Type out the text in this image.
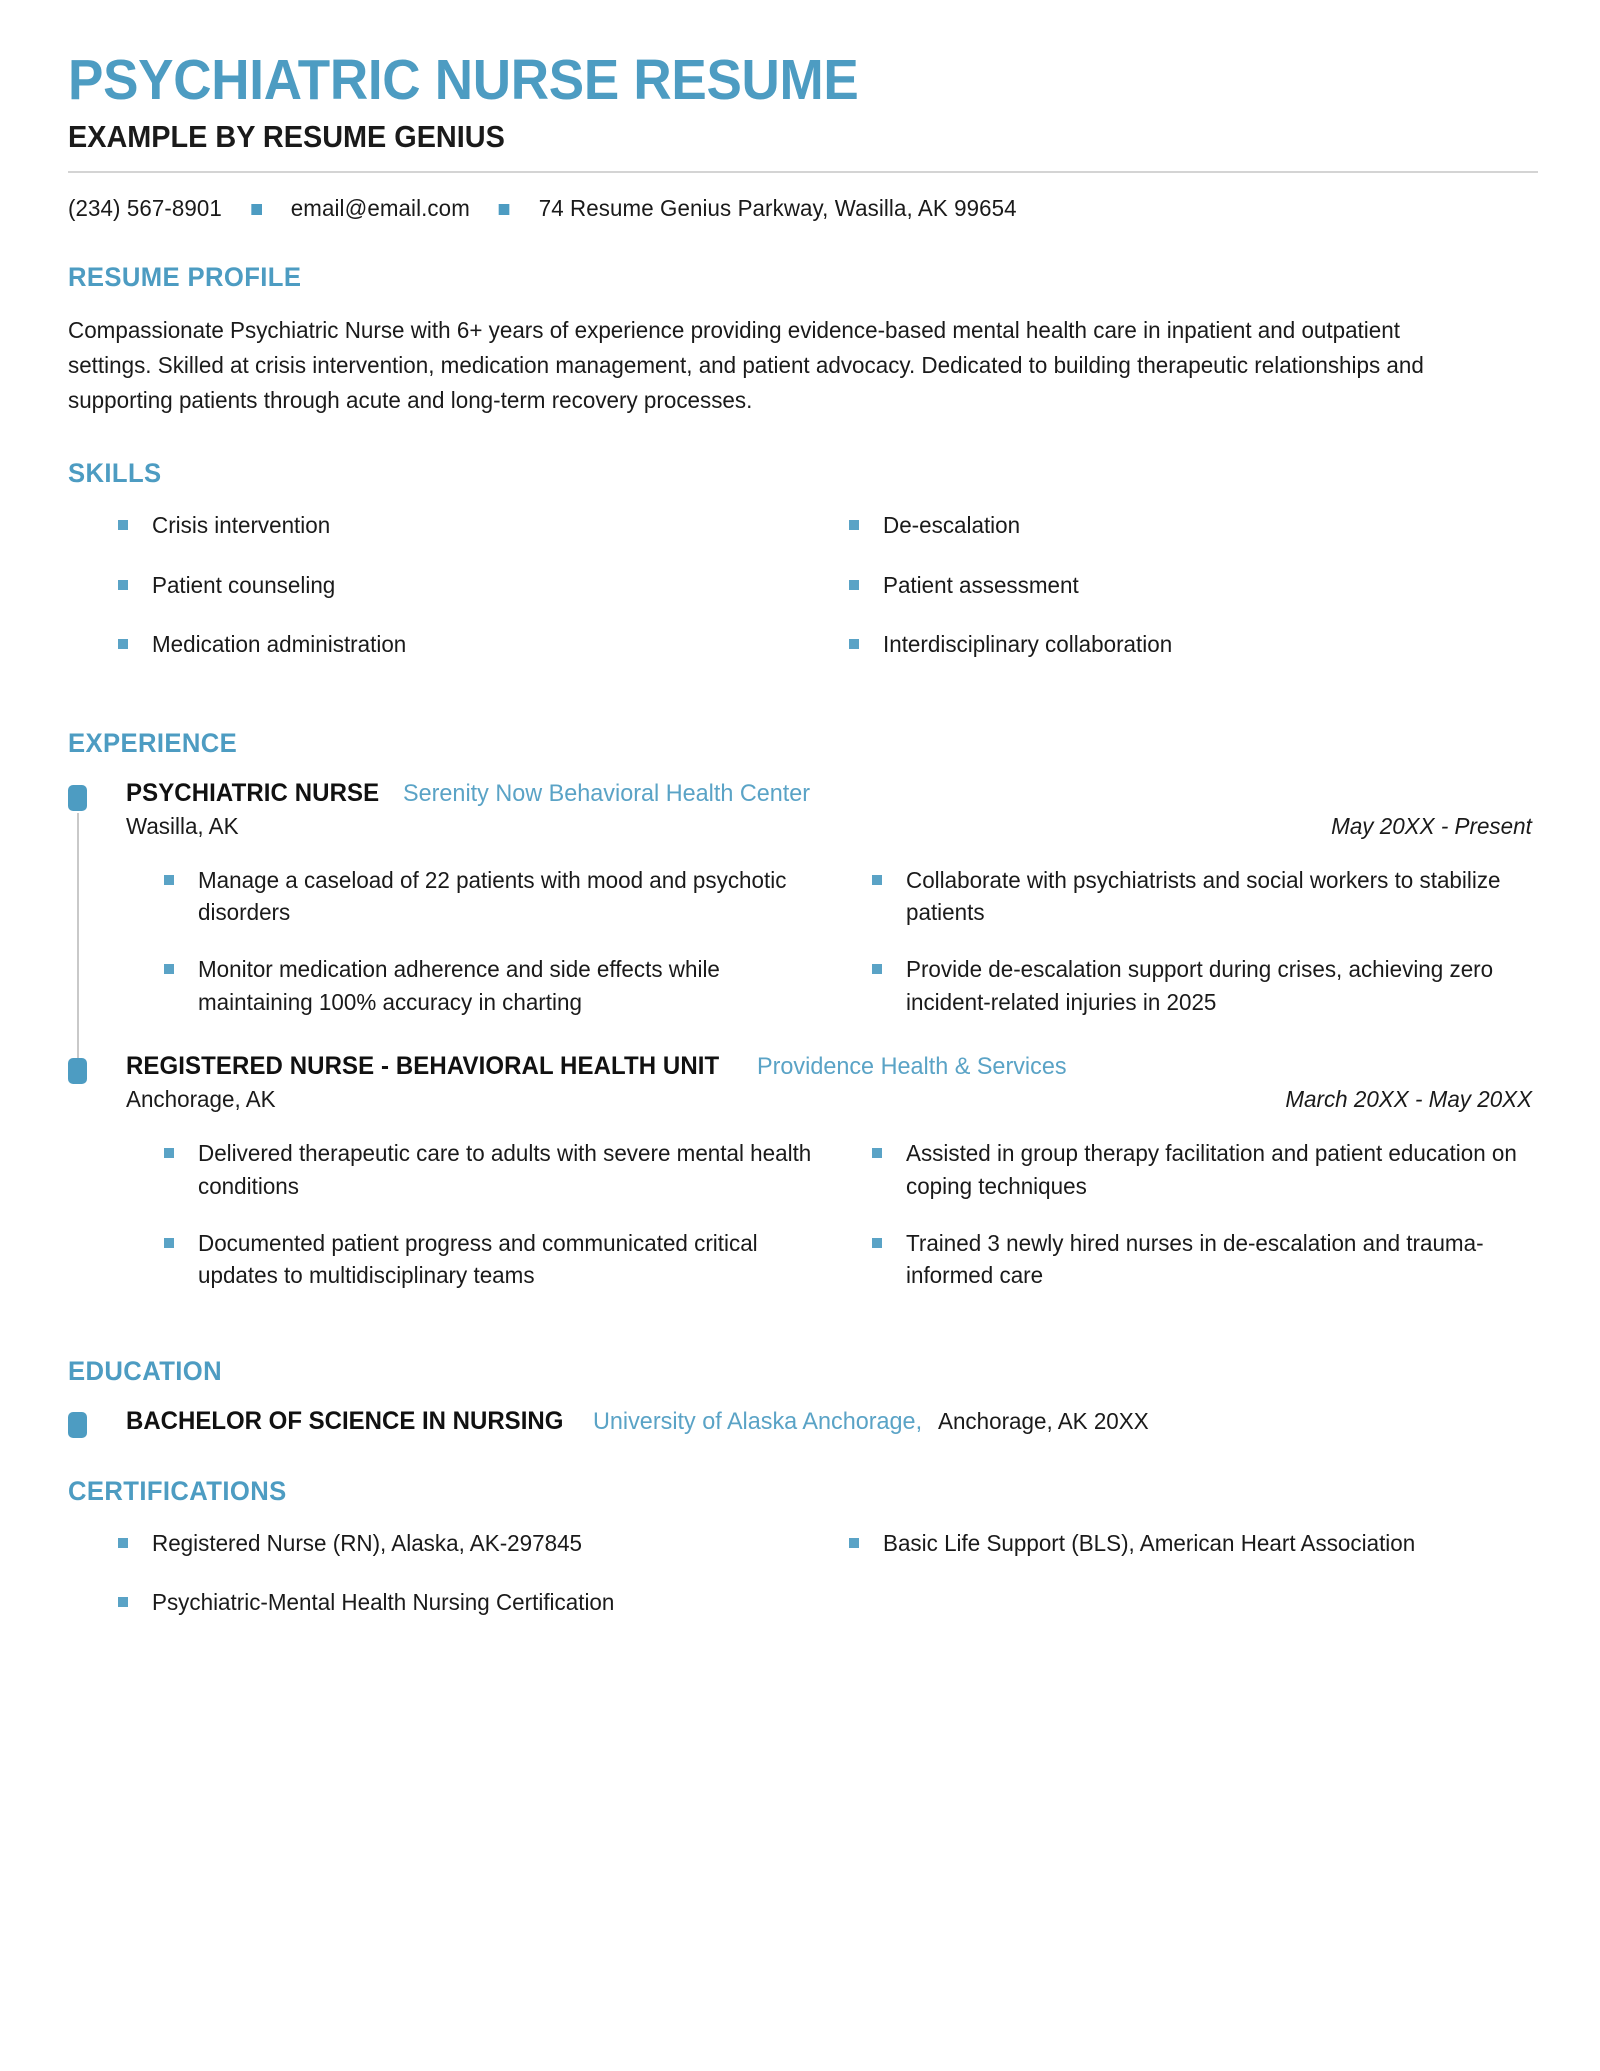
PSYCHIATRIC NURSE RESUME
EXAMPLE BY RESUME GENIUS
(234) 567-8901	email@email.com	74 Resume Genius Parkway, Wasilla, AK 99654
RESUME PROFILE
Compassionate Psychiatric Nurse with 6+ years of experience providing evidence-based mental health care in inpatient and outpatient settings. Skilled at crisis intervention, medication management, and patient advocacy. Dedicated to building therapeutic relationships and supporting patients through acute and long-term recovery processes.
SKILLS
Crisis intervention	De-escalation
Patient counseling	Patient assessment
Medication administration	Interdisciplinary collaboration
EXPERIENCE
PSYCHIATRIC NURSE Serenity Now Behavioral Health Center
Wasilla, AK	May 20XX - Present
Manage a caseload of 22 patients with mood and psychotic disorders
Collaborate with psychiatrists and social workers to stabilize patients
Monitor medication adherence and side effects while maintaining 100% accuracy in charting
Provide de-escalation support during crises, achieving zero incident-related injuries in 2025
REGISTERED NURSE - BEHAVIORAL HEALTH UNIT Providence Health & Services
Anchorage, AK	March 20XX - May 20XX
Delivered therapeutic care to adults with severe mental health conditions
Assisted in group therapy facilitation and patient education on coping techniques
Documented patient progress and communicated critical updates to multidisciplinary teams
Trained 3 newly hired nurses in de-escalation and trauma-informed care
EDUCATION
BACHELOR OF SCIENCE IN NURSING University of Alaska Anchorage, Anchorage, AK 20XX
CERTIFICATIONS
Registered Nurse (RN), Alaska, AK-297845	Basic Life Support (BLS), American Heart Association
Psychiatric-Mental Health Nursing Certification
